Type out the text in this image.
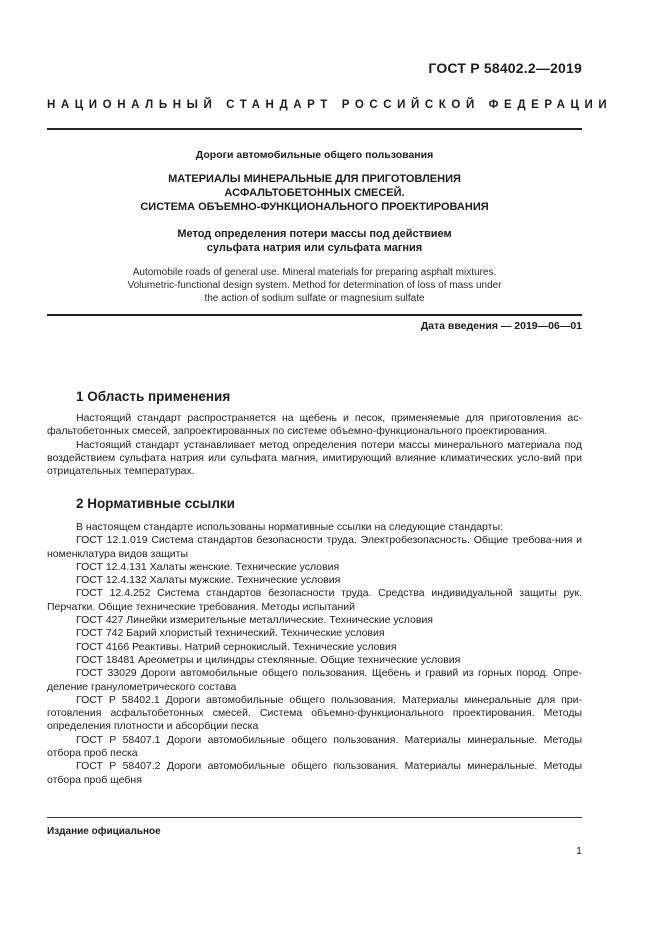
ГОСТ Р 58402.2—2019
НАЦИОНАЛЬНЫЙ СТАНДАРТ РОССИЙСКОЙ ФЕДЕРАЦИИ
Дороги автомобильные общего пользования
МАТЕРИАЛЫ МИНЕРАЛЬНЫЕ ДЛЯ ПРИГОТОВЛЕНИЯ
АСФАЛЬТОБЕТОННЫХ СМЕСЕЙ.
СИСТЕМА ОБЪЕМНО-ФУНКЦИОНАЛЬНОГО ПРОЕКТИРОВАНИЯ
Метод определения потери массы под действием
сульфата натрия или сульфата магния
Automobile roads of general use. Mineral materials for preparing asphalt mixtures.
Volumetric-functional design system. Method for determination of loss of mass under
the action of sodium sulfate or magnesium sulfate
Дата введения — 2019—06—01
1 Область применения

Настоящий стандарт распространяется на щебень и песок, применяемые для приготовления ас-фальтобетонных смесей, запроектированных по системе объемно-функционального проектирования.

Настоящий стандарт устанавливает метод определения потери массы минерального материала под воздействием сульфата натрия или сульфата магния, имитирующий влияние климатических усло-вий при отрицательных температурах.

2 Нормативные ссылки

В настоящем стандарте использованы нормативные ссылки на следующие стандарты:

ГОСТ 12.1.019 Система стандартов безопасности труда. Электробезопасность. Общие требова-ния и номенклатура видов защиты

ГОСТ 12.4.131 Халаты женские. Технические условия

ГОСТ 12.4.132 Халаты мужские. Технические условия

ГОСТ 12.4.252 Система стандартов безопасности труда. Средства индивидуальной защиты рук. Перчатки. Общие технические требования. Методы испытаний

ГОСТ 427 Линейки измерительные металлические. Технические условия

ГОСТ 742 Барий хлористый технический. Технические условия

ГОСТ 4166 Реактивы. Натрий сернокислый. Технические условия

ГОСТ 18481 Ареометры и цилиндры стеклянные. Общие технические условия

ГОСТ 33029 Дороги автомобильные общего пользования. Щебень и гравий из горных пород. Опре-деление гранулометрического состава

ГОСТ Р 58402.1 Дороги автомобильные общего пользования. Материалы минеральные для при-готовления асфальтобетонных смесей. Система объемно-функционального проектирования. Методы определения плотности и абсорбции песка

ГОСТ Р 58407.1 Дороги автомобильные общего пользования. Материалы минеральные. Методы отбора проб песка

ГОСТ Р 58407.2 Дороги автомобильные общего пользования. Материалы минеральные. Методы отбора проб щебня

Издание официальное
1
